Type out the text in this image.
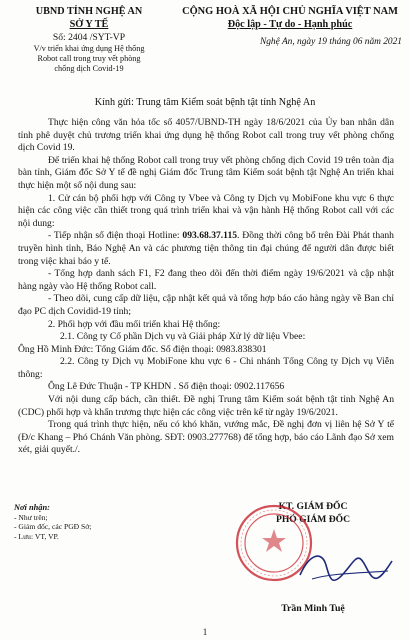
UBND TỈNH NGHỆ AN
SỞ Y TẾ
CỘNG HOÀ XÃ HỘI CHỦ NGHĨA VIỆT NAM
Độc lập - Tự do - Hạnh phúc
Số: 2404 /SYT-VP
V/v triển khai ứng dụng Hệ thống
Robot call trong truy vết phòng
chống dịch Covid-19
Nghệ An, ngày 19 tháng 06 năm 2021
Kính gửi: Trung tâm Kiểm soát bệnh tật tỉnh Nghệ An

Thực hiện công văn hỏa tốc số 4057/UBND-TH ngày 18/6/2021 của Ủy ban nhân dân tỉnh phê duyệt chủ trương triển khai ứng dụng hệ thống Robot call trong truy vết phòng chống dịch Covid 19.

Để triển khai hệ thống Robot call trong truy vết phòng chống dịch Covid 19 trên toàn địa bàn tỉnh, Giám đốc Sở Y tế đề nghị Giám đốc Trung tâm Kiểm soát bệnh tật Nghệ An triển khai thực hiện một số nội dung sau:

1. Cử cán bộ phối hợp với Công ty Vbee và Công ty Dịch vụ MobiFone khu vực 6 thực hiện các công việc cần thiết trong quá trình triển khai và vận hành Hệ thống Robot call với các nội dung:

- Tiếp nhận số điện thoại Hotline: 093.68.37.115. Đồng thời công bố trên Đài Phát thanh truyền hình tỉnh, Báo Nghệ An và các phương tiện thông tin đại chúng để người dân được biết trong việc khai báo y tế.

- Tổng hợp danh sách F1, F2 đang theo dõi đến thời điểm ngày 19/6/2021 và cập nhật hàng ngày vào Hệ thống Robot call.

- Theo dõi, cung cấp dữ liệu, cập nhật kết quả và tổng hợp báo cáo hàng ngày về Ban chỉ đạo PC dịch Covidid-19 tỉnh;

2. Phối hợp với đầu mối triển khai Hệ thống:

2.1. Công ty Cổ phần Dịch vụ và Giải pháp Xử lý dữ liệu Vbee:

Ông Hồ Minh Đức: Tổng Giám đốc. Số điện thoại: 0983.838301

2.2. Công ty Dịch vụ MobiFone khu vực 6 - Chi nhánh Tổng Công ty Dịch vụ Viễn thông:

Ông Lê Đức Thuận - TP KHDN . Số điện thoại: 0902.117656

Với nội dung cấp bách, cần thiết. Đề nghị Trung tâm Kiểm soát bệnh tật tỉnh Nghệ An (CDC) phối hợp và khẩn trương thực hiện các công việc trên kể từ ngày 19/6/2021.

Trong quá trình thực hiện, nếu có khó khăn, vướng mắc, Đề nghị đơn vị liên hệ Sở Y tế (Đ/c Khang – Phó Chánh Văn phòng. SĐT: 0903.277768) để tổng hợp, báo cáo Lãnh đạo Sở xem xét, giải quyết./.

Nơi nhận:
- Như trên;
- Giám đốc, các PGĐ Sở;
- Lưu: VT, VP.
KT. GIÁM ĐỐC
PHÓ GIÁM ĐỐC
Trần Minh Tuệ
1
